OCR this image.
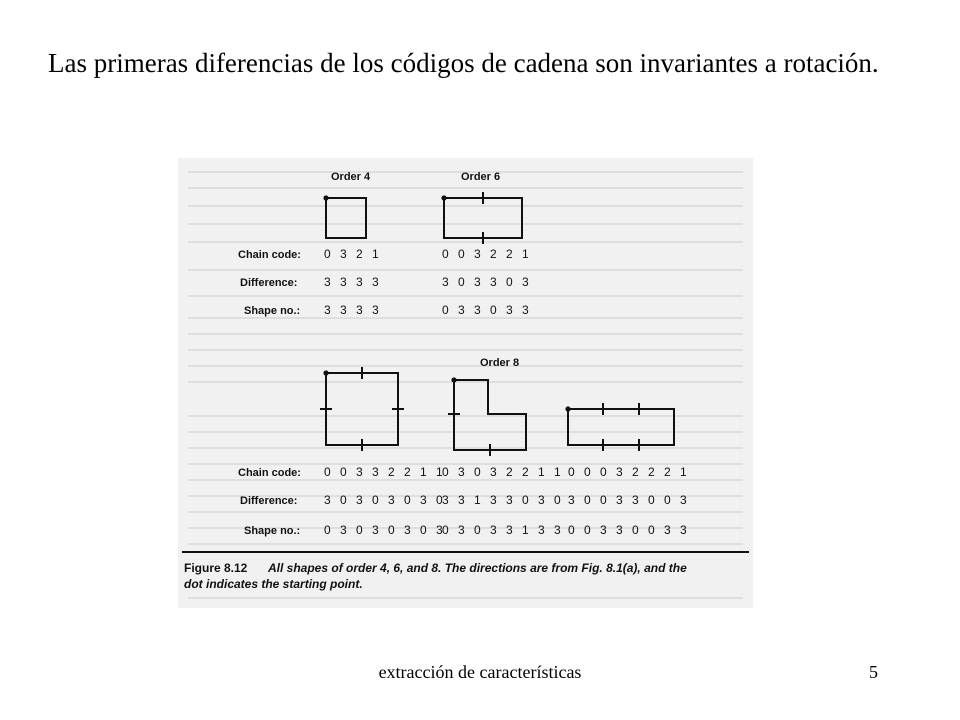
Las primeras diferencias de los códigos de cadena son invariantes a rotación.
Order 4	Order 6
Order 8
Chain code:
Difference:
Shape no.:
0 3 2 1
3 3 3 3
3 3 3 3
0 0 3 2 2 1
3 0 3 3 0 3
0 3 3 0 3 3
Chain code:
Difference:
Shape no.:
0 0 3 3 2 2 1 1
3 0 3 0 3 0 3 0
0 3 0 3 0 3 0 3
0 3 0 3 2 2 1 1
3 3 1 3 3 0 3 0
0 3 0 3 3 1 3 3
0 0 0 3 2 2 2 1
3 0 0 3 3 0 0 3
0 0 3 3 0 0 3 3
Figure 8.12 All shapes of order 4, 6, and 8. The directions are from Fig. 8.1(a), and the
dot indicates the starting point.
extracción de características	5
